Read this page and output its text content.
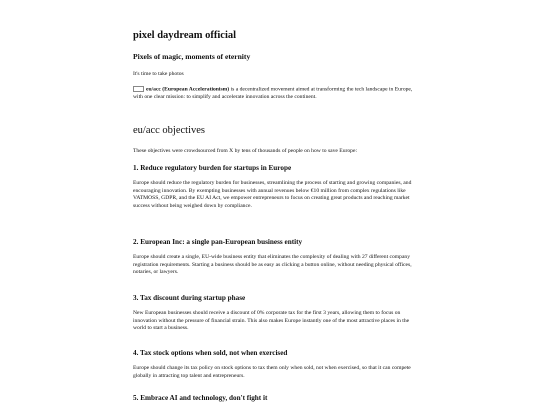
pixel daydream official

Pixels of magic, moments of eternity

It's time to take photos

eu/acc (European Accelerationism) is a decentralized movement aimed at transforming the tech landscape in Europe, with one clear mission: to simplify and accelerate innovation across the continent.

eu/acc objectives

These objectives were crowdsourced from X by tens of thousands of people on how to save Europe:

1. Reduce regulatory burden for startups in Europe

Europe should reduce the regulatory burden for businesses, streamlining the process of starting and growing companies, and encouraging innovation. By exempting businesses with annual revenues below €10 million from complex regulations like VATMOSS, GDPR, and the EU AI Act, we empower entrepreneurs to focus on creating great products and reaching market success without being weighed down by compliance.

2. European Inc: a single pan-European business entity

Europe should create a single, EU-wide business entity that eliminates the complexity of dealing with 27 different company registration requirements. Starting a business should be as easy as clicking a button online, without needing physical offices, notaries, or lawyers.

3. Tax discount during startup phase

New European businesses should receive a discount of 0% corporate tax for the first 3 years, allowing them to focus on innovation without the pressure of financial strain. This also makes Europe instantly one of the most attractive places in the world to start a business.

4. Tax stock options when sold, not when exercised

Europe should change its tax policy on stock options to tax them only when sold, not when exercised, so that it can compete globally in attracting top talent and entrepreneurs.

5. Embrace AI and technology, don't fight it
